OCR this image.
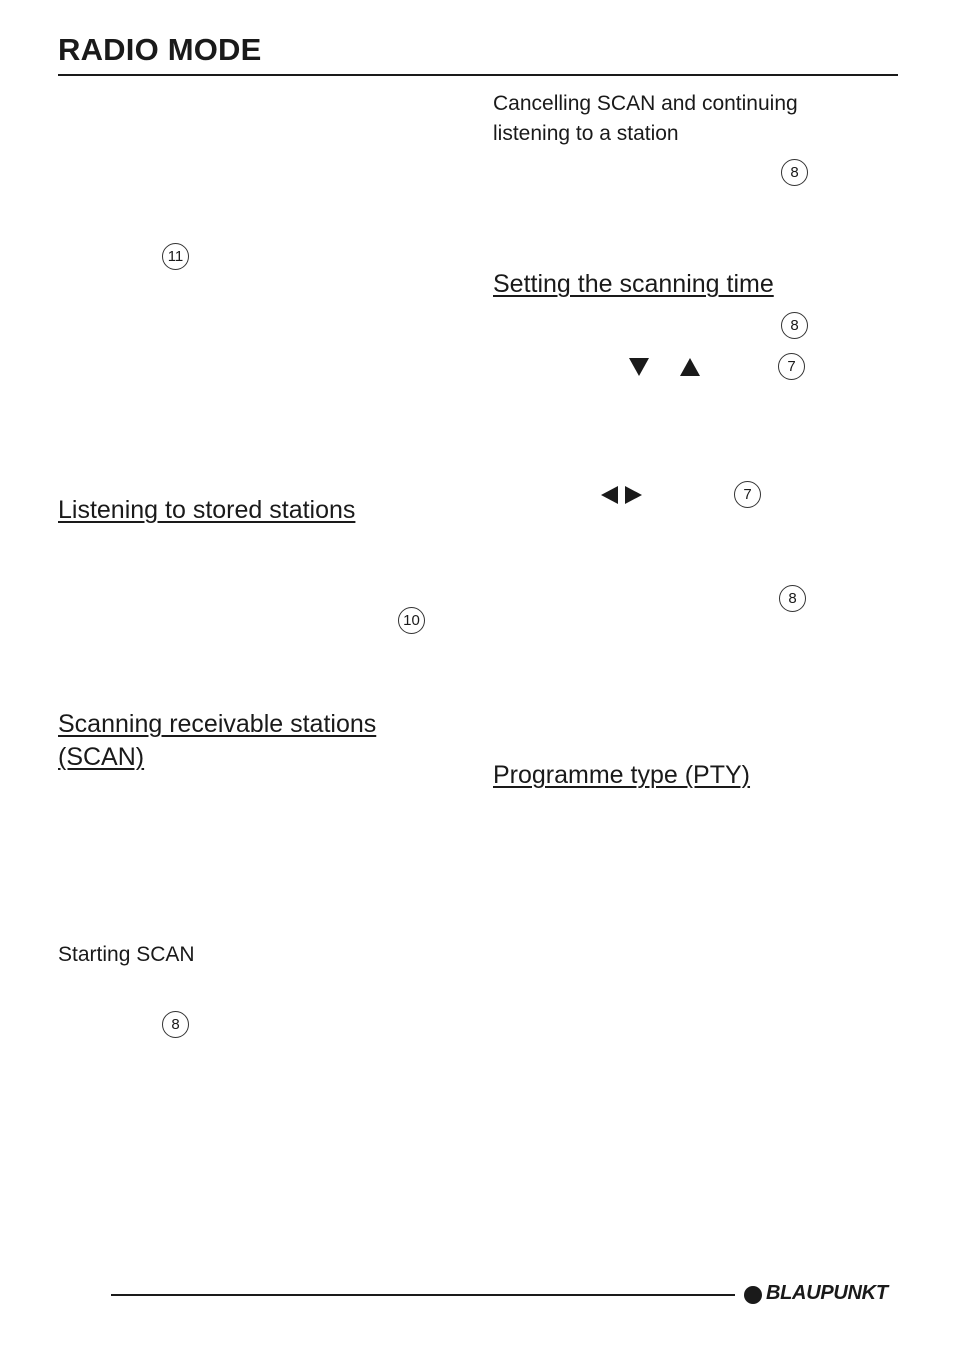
RADIO MODE
11
Listening to stored stations
10
Scanning receivable stations
(SCAN)
Starting SCAN
8
Cancelling SCAN and continuing
listening to a station
8
Setting the scanning time
8
7
7
8
Programme type (PTY)
BLAUPUNKT
